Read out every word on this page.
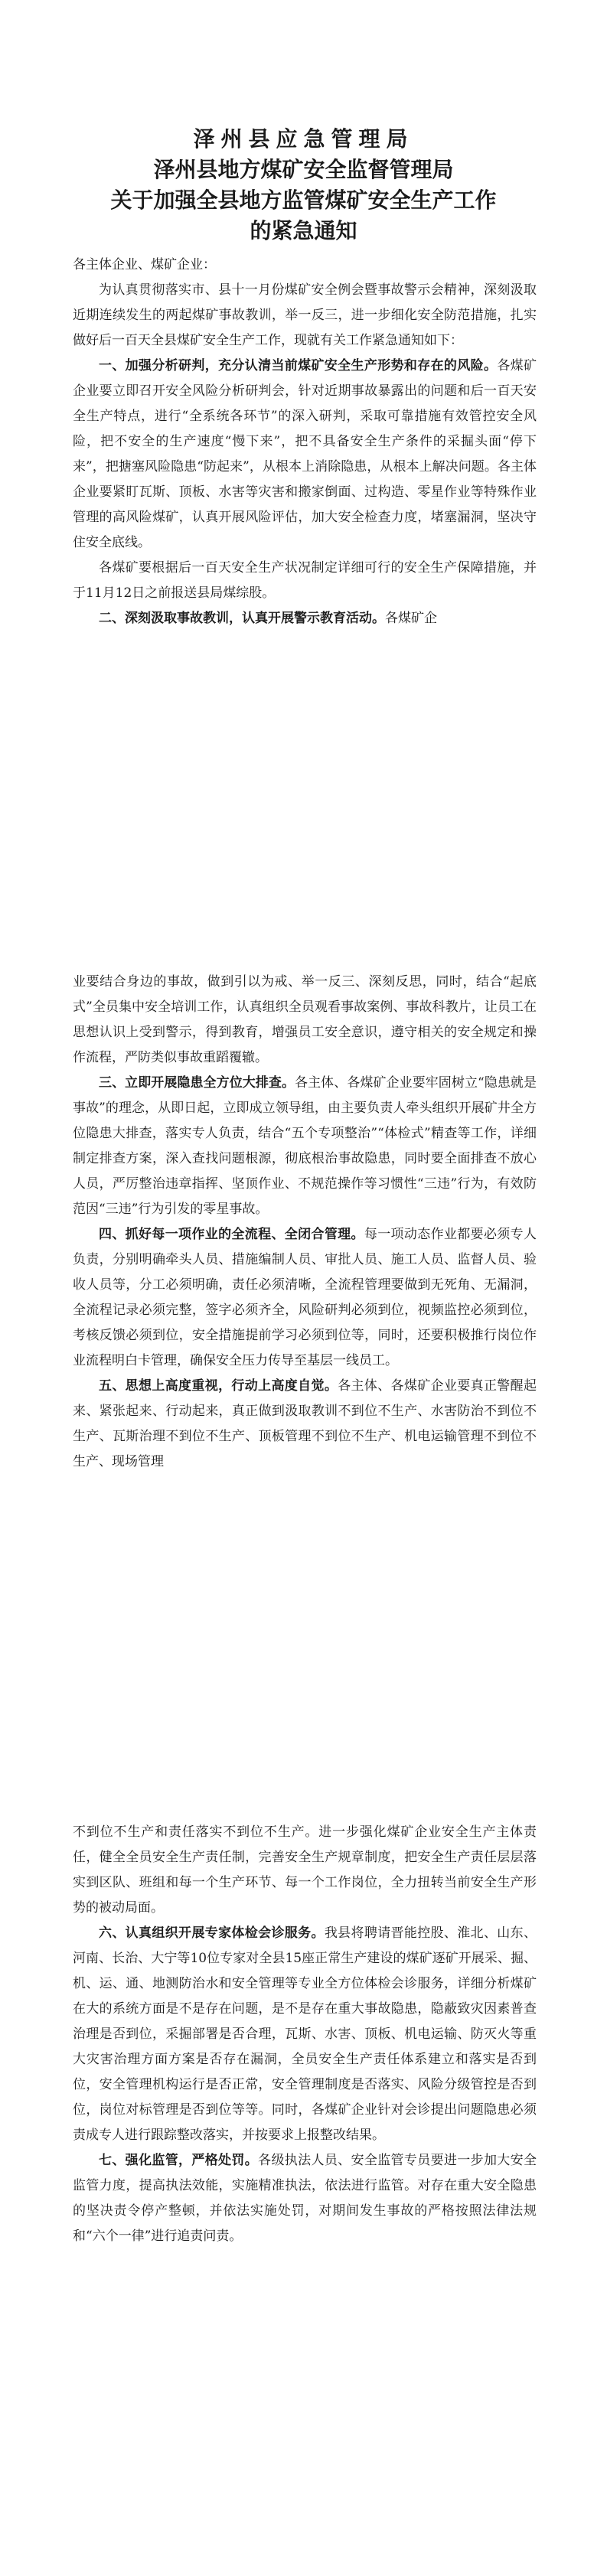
泽州县应急管理局
泽州县地方煤矿安全监督管理局
关于加强全县地方监管煤矿安全生产工作
的紧急通知

各主体企业、煤矿企业：

为认真贯彻落实市、县十一月份煤矿安全例会暨事故警示会精神，深刻汲取近期连续发生的两起煤矿事故教训，举一反三，进一步细化安全防范措施，扎实做好后一百天全县煤矿安全生产工作，现就有关工作紧急通知如下：

一、加强分析研判，充分认清当前煤矿安全生产形势和存在的风险。各煤矿企业要立即召开安全风险分析研判会，针对近期事故暴露出的问题和后一百天安全生产特点，进行“全系统各环节”的深入研判，采取可靠措施有效管控安全风险，把不安全的生产速度“慢下来”，把不具备安全生产条件的采掘头面“停下来”，把搪塞风险隐患“防起来”，从根本上消除隐患，从根本上解决问题。各主体企业要紧盯瓦斯、顶板、水害等灾害和搬家倒面、过构造、零星作业等特殊作业管理的高风险煤矿，认真开展风险评估，加大安全检查力度，堵塞漏洞，坚决守住安全底线。

各煤矿要根据后一百天安全生产状况制定详细可行的安全生产保障措施，并于11月12日之前报送县局煤综股。

二、深刻汲取事故教训，认真开展警示教育活动。各煤矿企

业要结合身边的事故，做到引以为戒、举一反三、深刻反思，同时，结合“起底式”全员集中安全培训工作，认真组织全员观看事故案例、事故科教片，让员工在思想认识上受到警示，得到教育，增强员工安全意识，遵守相关的安全规定和操作流程，严防类似事故重蹈覆辙。

三、立即开展隐患全方位大排查。各主体、各煤矿企业要牢固树立“隐患就是事故”的理念，从即日起，立即成立领导组，由主要负责人牵头组织开展矿井全方位隐患大排查，落实专人负责，结合“五个专项整治”“体检式”精查等工作，详细制定排查方案，深入查找问题根源，彻底根治事故隐患，同时要全面排查不放心人员，严厉整治违章指挥、坚顶作业、不规范操作等习惯性“三违”行为，有效防范因“三违”行为引发的零星事故。

四、抓好每一项作业的全流程、全闭合管理。每一项动态作业都要必须专人负责，分别明确牵头人员、措施编制人员、审批人员、施工人员、监督人员、验收人员等，分工必须明确，责任必须清晰，全流程管理要做到无死角、无漏洞，全流程记录必须完整，签字必须齐全，风险研判必须到位，视频监控必须到位，考核反馈必须到位，安全措施提前学习必须到位等，同时，还要积极推行岗位作业流程明白卡管理，确保安全压力传导至基层一线员工。

五、思想上高度重视，行动上高度自觉。各主体、各煤矿企业要真正警醒起来、紧张起来、行动起来，真正做到汲取教训不到位不生产、水害防治不到位不生产、瓦斯治理不到位不生产、顶板管理不到位不生产、机电运输管理不到位不生产、现场管理

不到位不生产和责任落实不到位不生产。进一步强化煤矿企业安全生产主体责任，健全全员安全生产责任制，完善安全生产规章制度，把安全生产责任层层落实到区队、班组和每一个生产环节、每一个工作岗位，全力扭转当前安全生产形势的被动局面。

六、认真组织开展专家体检会诊服务。我县将聘请晋能控股、淮北、山东、河南、长治、大宁等10位专家对全县15座正常生产建设的煤矿逐矿开展采、掘、机、运、通、地测防治水和安全管理等专业全方位体检会诊服务，详细分析煤矿在大的系统方面是不是存在问题，是不是存在重大事故隐患，隐蔽致灾因素普查治理是否到位，采掘部署是否合理，瓦斯、水害、顶板、机电运输、防灭火等重大灾害治理方面方案是否存在漏洞，全员安全生产责任体系建立和落实是否到位，安全管理机构运行是否正常，安全管理制度是否落实、风险分级管控是否到位，岗位对标管理是否到位等等。同时，各煤矿企业针对会诊提出问题隐患必须责成专人进行跟踪整改落实，并按要求上报整改结果。

七、强化监管，严格处罚。各级执法人员、安全监管专员要进一步加大安全监管力度，提高执法效能，实施精准执法，依法进行监管。对存在重大安全隐患的坚决责令停产整顿，并依法实施处罚，对期间发生事故的严格按照法律法规和“六个一律”进行追责问责。
